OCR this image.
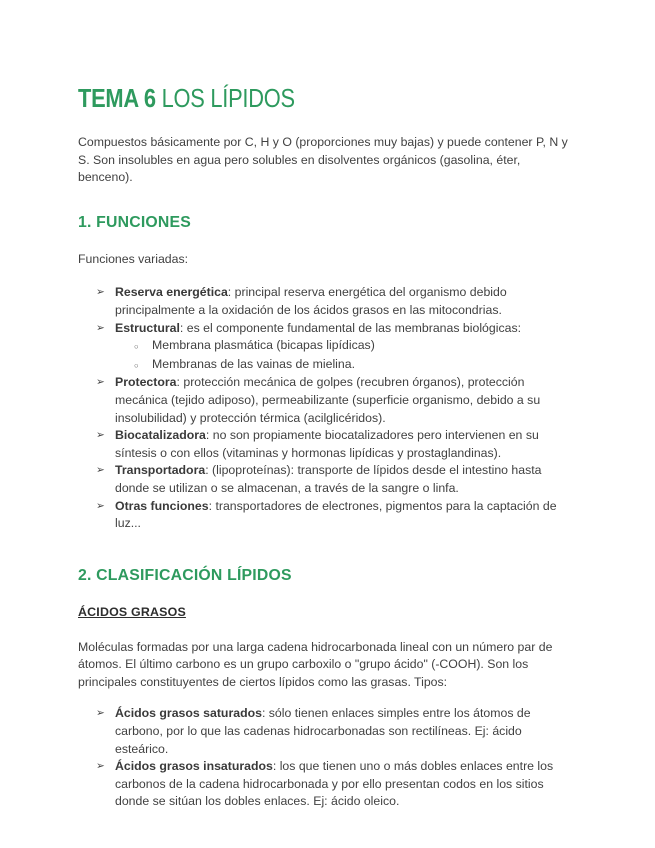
TEMA 6 LOS LÍPIDOS

Compuestos básicamente por C, H y O (proporciones muy bajas) y puede contener P, N y S. Son insolubles en agua pero solubles en disolventes orgánicos (gasolina, éter, benceno).

1. FUNCIONES

Funciones variadas:

➢ Reserva energética: principal reserva energética del organismo debido principalmente a la oxidación de los ácidos grasos en las mitocondrias.
➢ Estructural: es el componente fundamental de las membranas biológicas:
○	Membrana plasmática (bicapas lipídicas)
○	Membranas de las vainas de mielina.
➢ Protectora: protección mecánica de golpes (recubren órganos), protección mecánica (tejido adiposo), permeabilizante (superficie organismo, debido a su insolubilidad) y protección térmica (acilglicéridos).
➢ Biocatalizadora: no son propiamente biocatalizadores pero intervienen en su síntesis o con ellos (vitaminas y hormonas lipídicas y prostaglandinas).
➢ Transportadora: (lipoproteínas): transporte de lípidos desde el intestino hasta donde se utilizan o se almacenan, a través de la sangre o linfa.
➢ Otras funciones: transportadores de electrones, pigmentos para la captación de luz...
2. CLASIFICACIÓN LÍPIDOS
ÁCIDOS GRASOS

Moléculas formadas por una larga cadena hidrocarbonada lineal con un número par de átomos. El último carbono es un grupo carboxilo o "grupo ácido" (-COOH). Son los principales constituyentes de ciertos lípidos como las grasas. Tipos:

➢ Ácidos grasos saturados: sólo tienen enlaces simples entre los átomos de carbono, por lo que las cadenas hidrocarbonadas son rectilíneas. Ej: ácido esteárico.
➢ Ácidos grasos insaturados: los que tienen uno o más dobles enlaces entre los carbonos de la cadena hidrocarbonada y por ello presentan codos en los sitios donde se sitúan los dobles enlaces. Ej: ácido oleico.
